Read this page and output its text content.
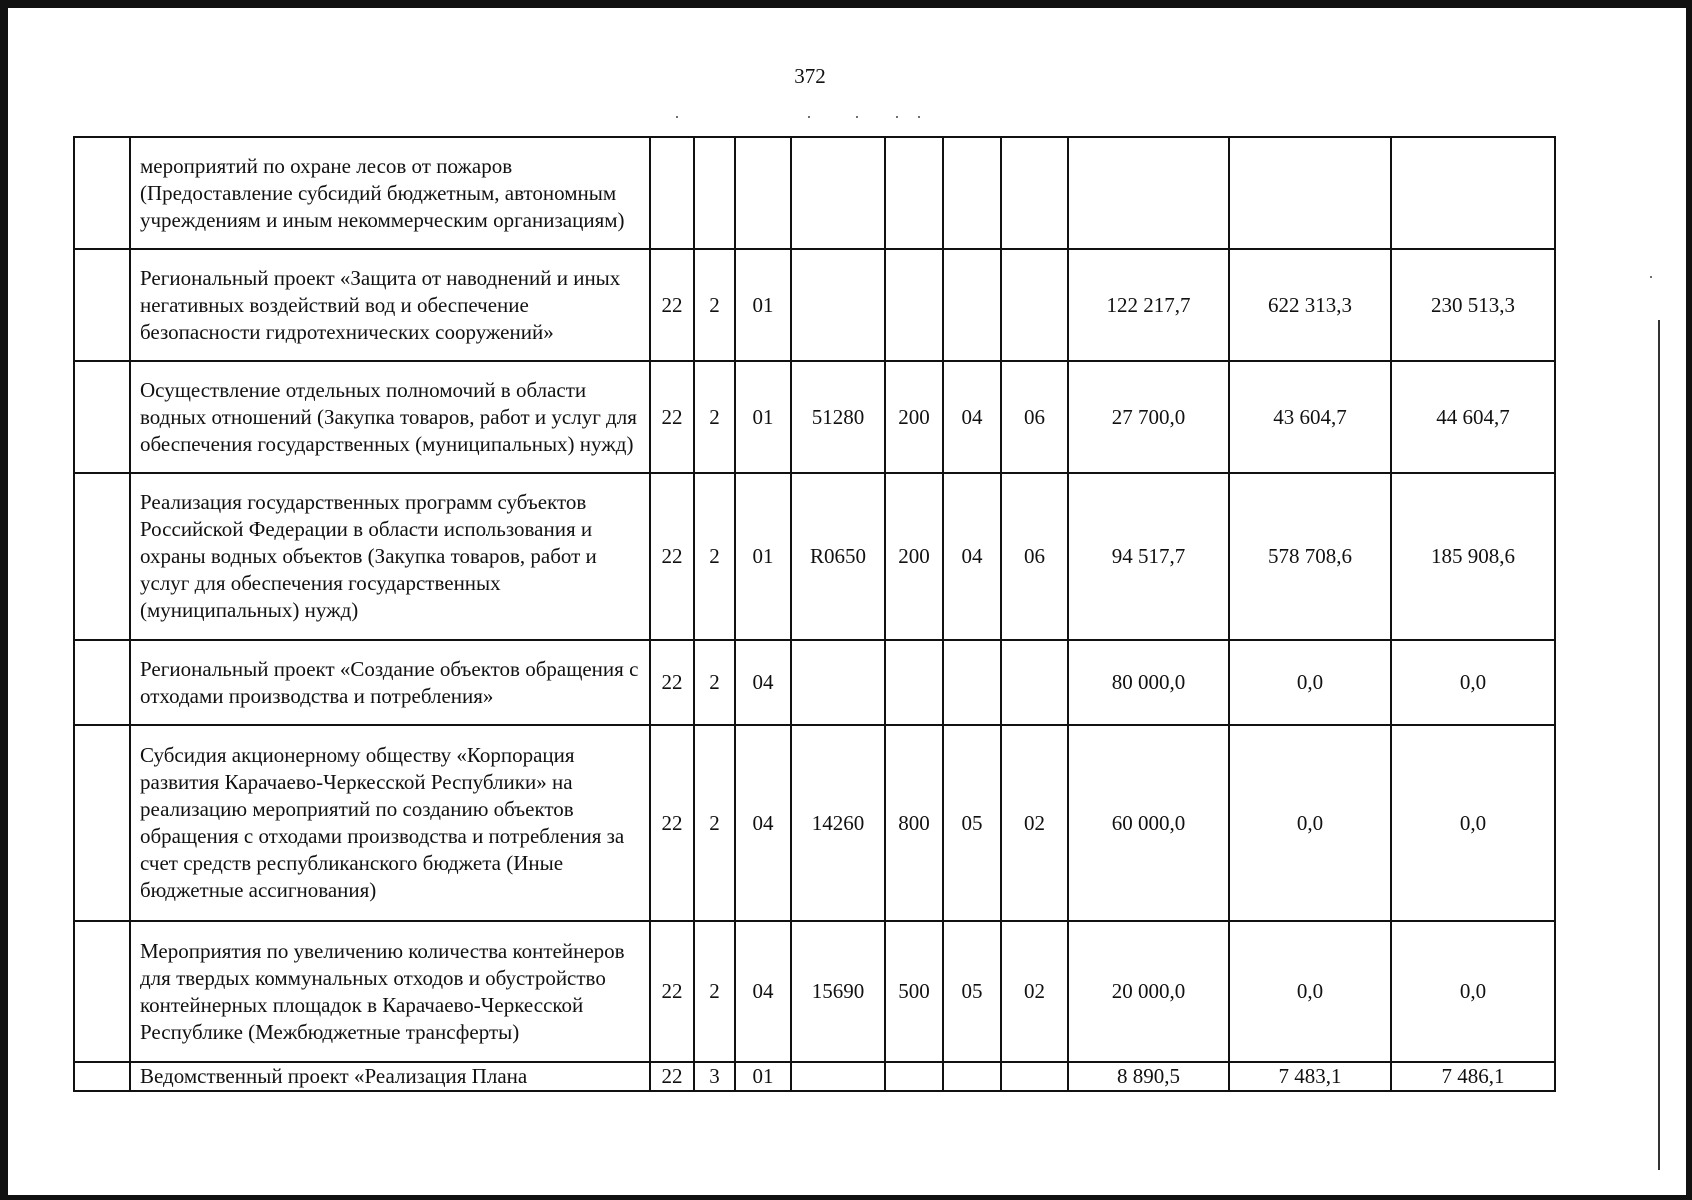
372
	мероприятий по охране лесов от пожаров (Предоставление субсидий бюджетным, автономным учреждениям и иным некоммерческим организациям)										
	Региональный проект «Защита от наводнений и иных негативных воздействий вод и обеспечение безопасности гидротехнических сооружений»	22	2	01					122 217,7	622 313,3	230 513,3
	Осуществление отдельных полномочий в области водных отношений (Закупка товаров, работ и услуг для обеспечения государственных (муниципальных) нужд)	22	2	01	51280	200	04	06	27 700,0	43 604,7	44 604,7
	Реализация государственных программ субъектов Российской Федерации в области использования и охраны водных объектов (Закупка товаров, работ и услуг для обеспечения государственных (муниципальных) нужд)	22	2	01	R0650	200	04	06	94 517,7	578 708,6	185 908,6
	Региональный проект «Создание объектов обращения с отходами производства и потребления»	22	2	04					80 000,0	0,0	0,0
	Субсидия акционерному обществу «Корпорация развития Карачаево-Черкесской Республики» на реализацию мероприятий по созданию объектов обращения с отходами производства и потребления за счет средств республиканского бюджета (Иные бюджетные ассигнования)	22	2	04	14260	800	05	02	60 000,0	0,0	0,0
	Мероприятия по увеличению количества контейнеров для твердых коммунальных отходов и обустройство контейнерных площадок в Карачаево-Черкесской Республике (Межбюджетные трансферты)	22	2	04	15690	500	05	02	20 000,0	0,0	0,0
	Ведомственный проект «Реализация Плана	22	3	01					8 890,5	7 483,1	7 486,1
